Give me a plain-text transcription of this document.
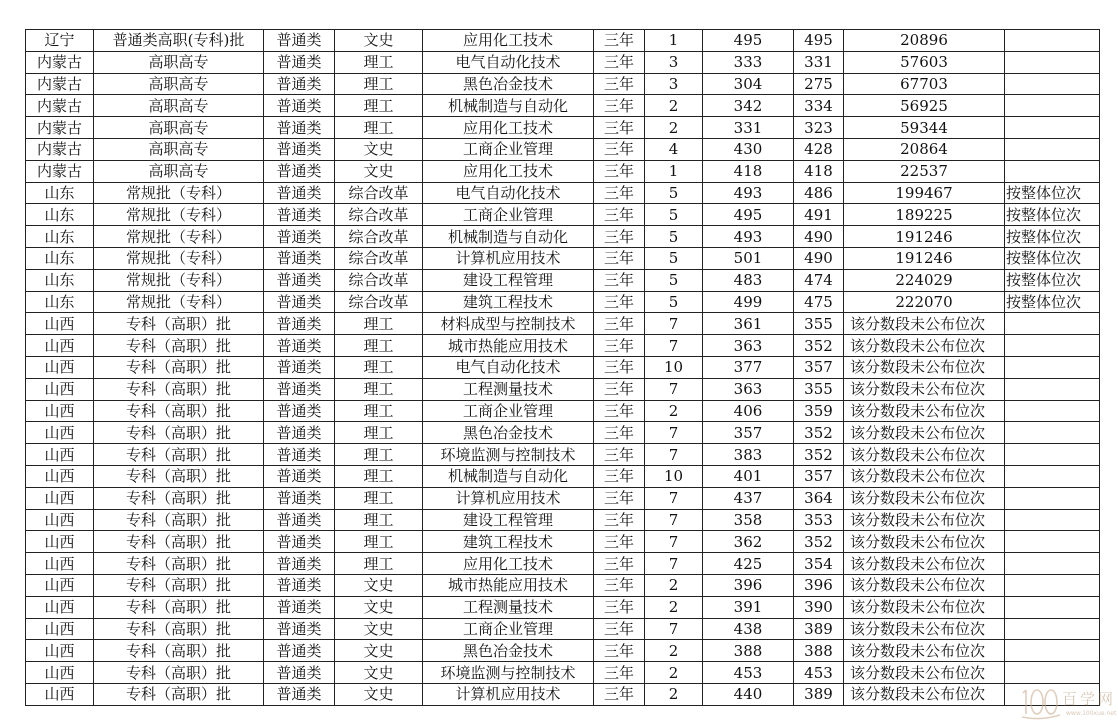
辽宁	普通类高职(专科)批	普通类	文史	应用化工技术	三年	1	495	495	20896	
内蒙古	高职高专	普通类	理工	电气自动化技术	三年	3	333	331	57603	
内蒙古	高职高专	普通类	理工	黑色冶金技术	三年	3	304	275	67703	
内蒙古	高职高专	普通类	理工	机械制造与自动化	三年	2	342	334	56925	
内蒙古	高职高专	普通类	理工	应用化工技术	三年	2	331	323	59344	
内蒙古	高职高专	普通类	文史	工商企业管理	三年	4	430	428	20864	
内蒙古	高职高专	普通类	文史	应用化工技术	三年	1	418	418	22537	
山东	常规批（专科）	普通类	综合改革	电气自动化技术	三年	5	493	486	199467	按整体位次
山东	常规批（专科）	普通类	综合改革	工商企业管理	三年	5	495	491	189225	按整体位次
山东	常规批（专科）	普通类	综合改革	机械制造与自动化	三年	5	493	490	191246	按整体位次
山东	常规批（专科）	普通类	综合改革	计算机应用技术	三年	5	501	490	191246	按整体位次
山东	常规批（专科）	普通类	综合改革	建设工程管理	三年	5	483	474	224029	按整体位次
山东	常规批（专科）	普通类	综合改革	建筑工程技术	三年	5	499	475	222070	按整体位次
山西	专科（高职）批	普通类	理工	材料成型与控制技术	三年	7	361	355	该分数段未公布位次	
山西	专科（高职）批	普通类	理工	城市热能应用技术	三年	7	363	352	该分数段未公布位次	
山西	专科（高职）批	普通类	理工	电气自动化技术	三年	10	377	357	该分数段未公布位次	
山西	专科（高职）批	普通类	理工	工程测量技术	三年	7	363	355	该分数段未公布位次	
山西	专科（高职）批	普通类	理工	工商企业管理	三年	2	406	359	该分数段未公布位次	
山西	专科（高职）批	普通类	理工	黑色冶金技术	三年	7	357	352	该分数段未公布位次	
山西	专科（高职）批	普通类	理工	环境监测与控制技术	三年	7	383	352	该分数段未公布位次	
山西	专科（高职）批	普通类	理工	机械制造与自动化	三年	10	401	357	该分数段未公布位次	
山西	专科（高职）批	普通类	理工	计算机应用技术	三年	7	437	364	该分数段未公布位次	
山西	专科（高职）批	普通类	理工	建设工程管理	三年	7	358	353	该分数段未公布位次	
山西	专科（高职）批	普通类	理工	建筑工程技术	三年	7	362	352	该分数段未公布位次	
山西	专科（高职）批	普通类	理工	应用化工技术	三年	7	425	354	该分数段未公布位次	
山西	专科（高职）批	普通类	文史	城市热能应用技术	三年	2	396	396	该分数段未公布位次	
山西	专科（高职）批	普通类	文史	工程测量技术	三年	2	391	390	该分数段未公布位次	
山西	专科（高职）批	普通类	文史	工商企业管理	三年	7	438	389	该分数段未公布位次	
山西	专科（高职）批	普通类	文史	黑色冶金技术	三年	2	388	388	该分数段未公布位次	
山西	专科（高职）批	普通类	文史	环境监测与控制技术	三年	2	453	453	该分数段未公布位次	
山西	专科（高职）批	普通类	文史	计算机应用技术	三年	2	440	389	该分数段未公布位次		百学网
www.100xue.net
